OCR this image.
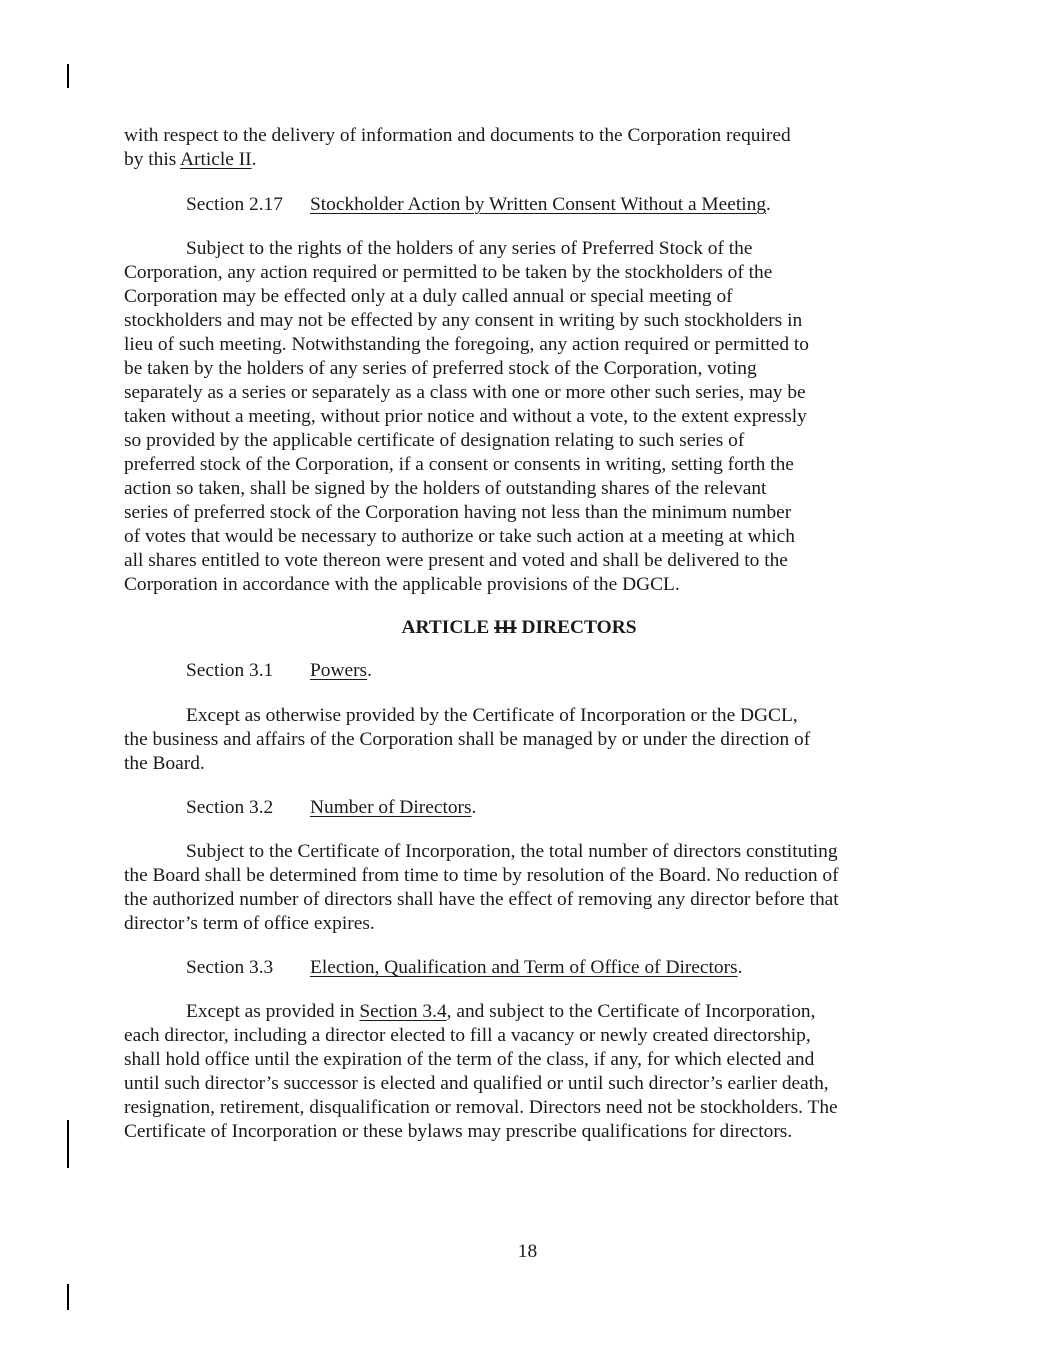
with respect to the delivery of information and documents to the Corporation required
by this Article II.
Section 2.17 Stockholder Action by Written Consent Without a Meeting.
Subject to the rights of the holders of any series of Preferred Stock of the
Corporation, any action required or permitted to be taken by the stockholders of the
Corporation may be effected only at a duly called annual or special meeting of
stockholders and may not be effected by any consent in writing by such stockholders in
lieu of such meeting. Notwithstanding the foregoing, any action required or permitted to
be taken by the holders of any series of preferred stock of the Corporation, voting
separately as a series or separately as a class with one or more other such series, may be
taken without a meeting, without prior notice and without a vote, to the extent expressly
so provided by the applicable certificate of designation relating to such series of
preferred stock of the Corporation, if a consent or consents in writing, setting forth the
action so taken, shall be signed by the holders of outstanding shares of the relevant
series of preferred stock of the Corporation having not less than the minimum number
of votes that would be necessary to authorize or take such action at a meeting at which
all shares entitled to vote thereon were present and voted and shall be delivered to the
Corporation in accordance with the applicable provisions of the DGCL.
ARTICLE III DIRECTORS
Section 3.1 Powers.
Except as otherwise provided by the Certificate of Incorporation or the DGCL,
the business and affairs of the Corporation shall be managed by or under the direction of
the Board.
Section 3.2 Number of Directors.
Subject to the Certificate of Incorporation, the total number of directors constituting
the Board shall be determined from time to time by resolution of the Board. No reduction of
the authorized number of directors shall have the effect of removing any director before that
director’s term of office expires.
Section 3.3 Election, Qualification and Term of Office of Directors.
Except as provided in Section 3.4, and subject to the Certificate of Incorporation,
each director, including a director elected to fill a vacancy or newly created directorship,
shall hold office until the expiration of the term of the class, if any, for which elected and
until such director’s successor is elected and qualified or until such director’s earlier death,
resignation, retirement, disqualification or removal. Directors need not be stockholders. The
Certificate of Incorporation or these bylaws may prescribe qualifications for directors.
18
